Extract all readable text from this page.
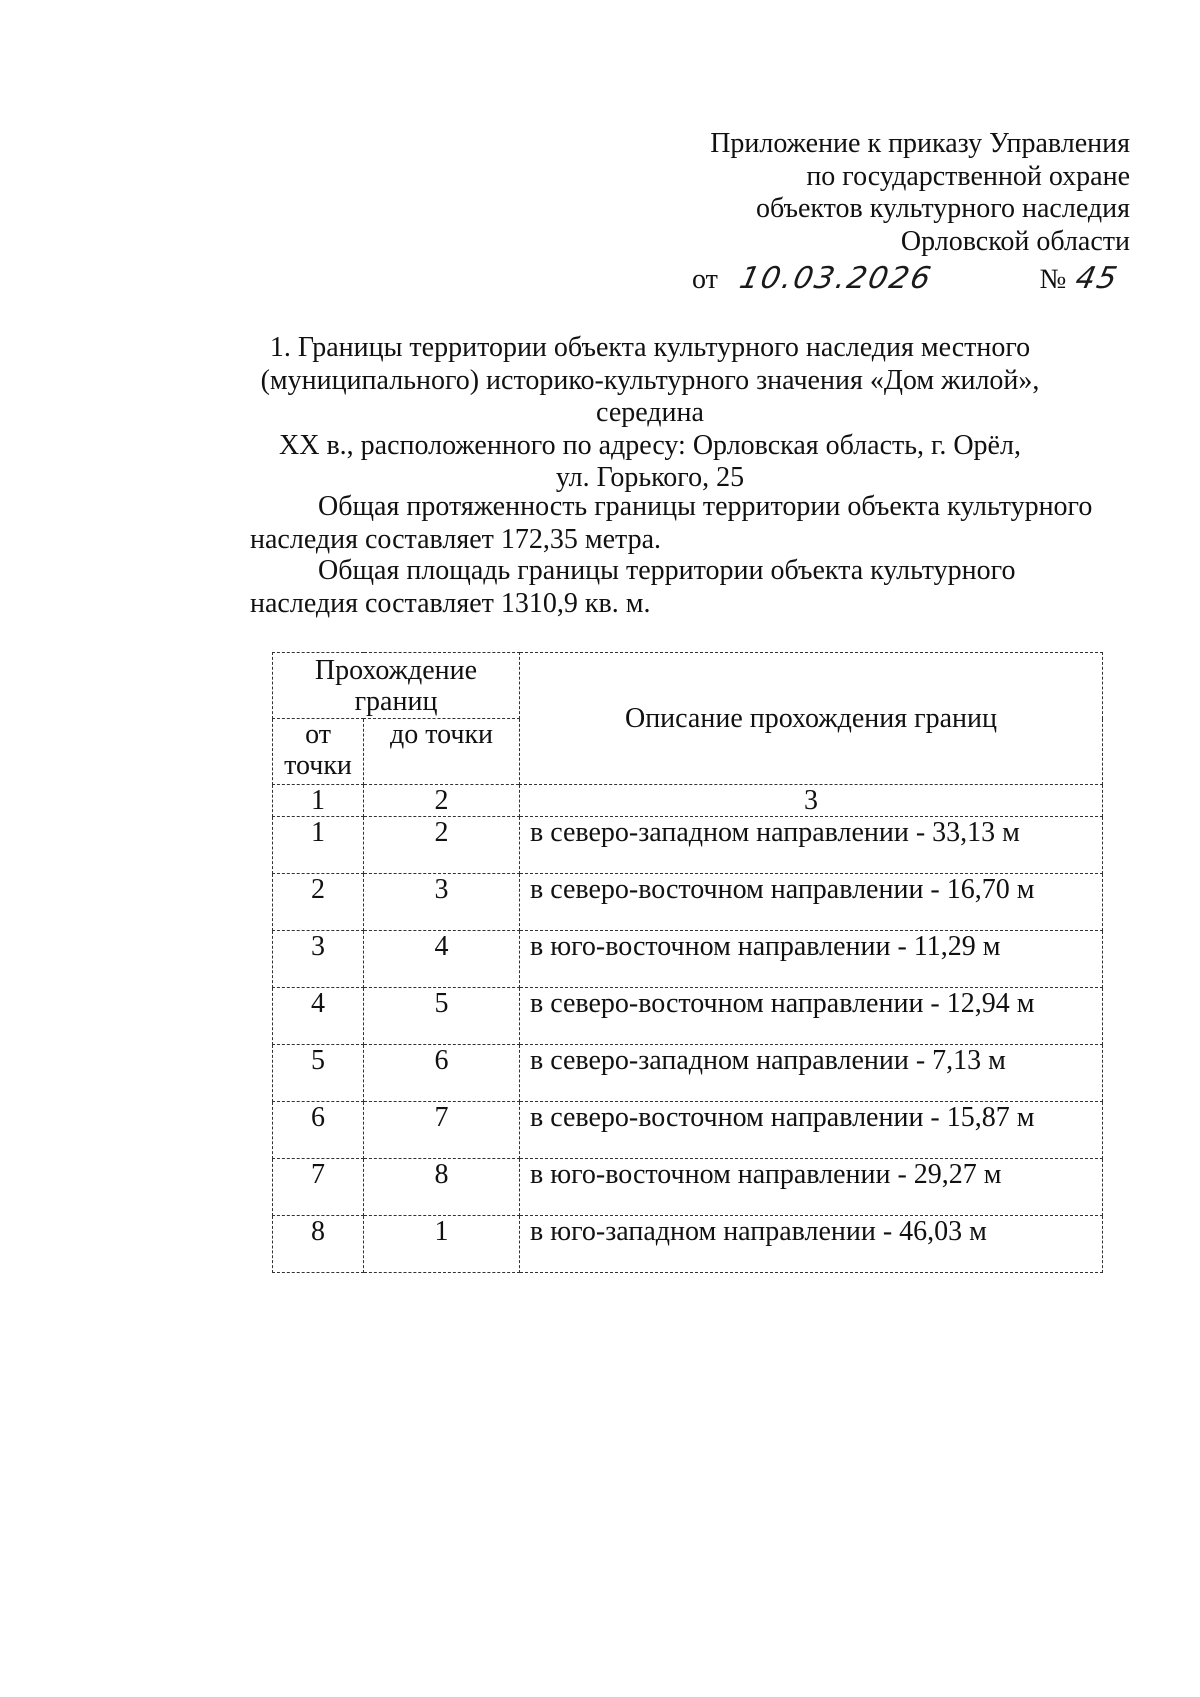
Приложение к приказу Управления
по государственной охране
объектов культурного наследия
Орловской области
от 10.03.2026	№ 45
1. Границы территории объекта культурного наследия местного
(муниципального) историко-культурного значения «Дом жилой», середина
XX в., расположенного по адресу: Орловская область, г. Орёл,
ул. Горького, 25
Общая протяженность границы территории объекта культурного
наследия составляет 172,35 метра.
Общая площадь границы территории объекта культурного
наследия составляет 1310,9 кв. м.
Прохождение границ		Описание прохождения границ
от точки	до точки	
1	2	3
1	2	в северо-западном направлении - 33,13 м
2	3	в северо-восточном направлении - 16,70 м
3	4	в юго-восточном направлении - 11,29 м
4	5	в северо-восточном направлении - 12,94 м
5	6	в северо-западном направлении - 7,13 м
6	7	в северо-восточном направлении - 15,87 м
7	8	в юго-восточном направлении - 29,27 м
8	1	в юго-западном направлении - 46,03 м
